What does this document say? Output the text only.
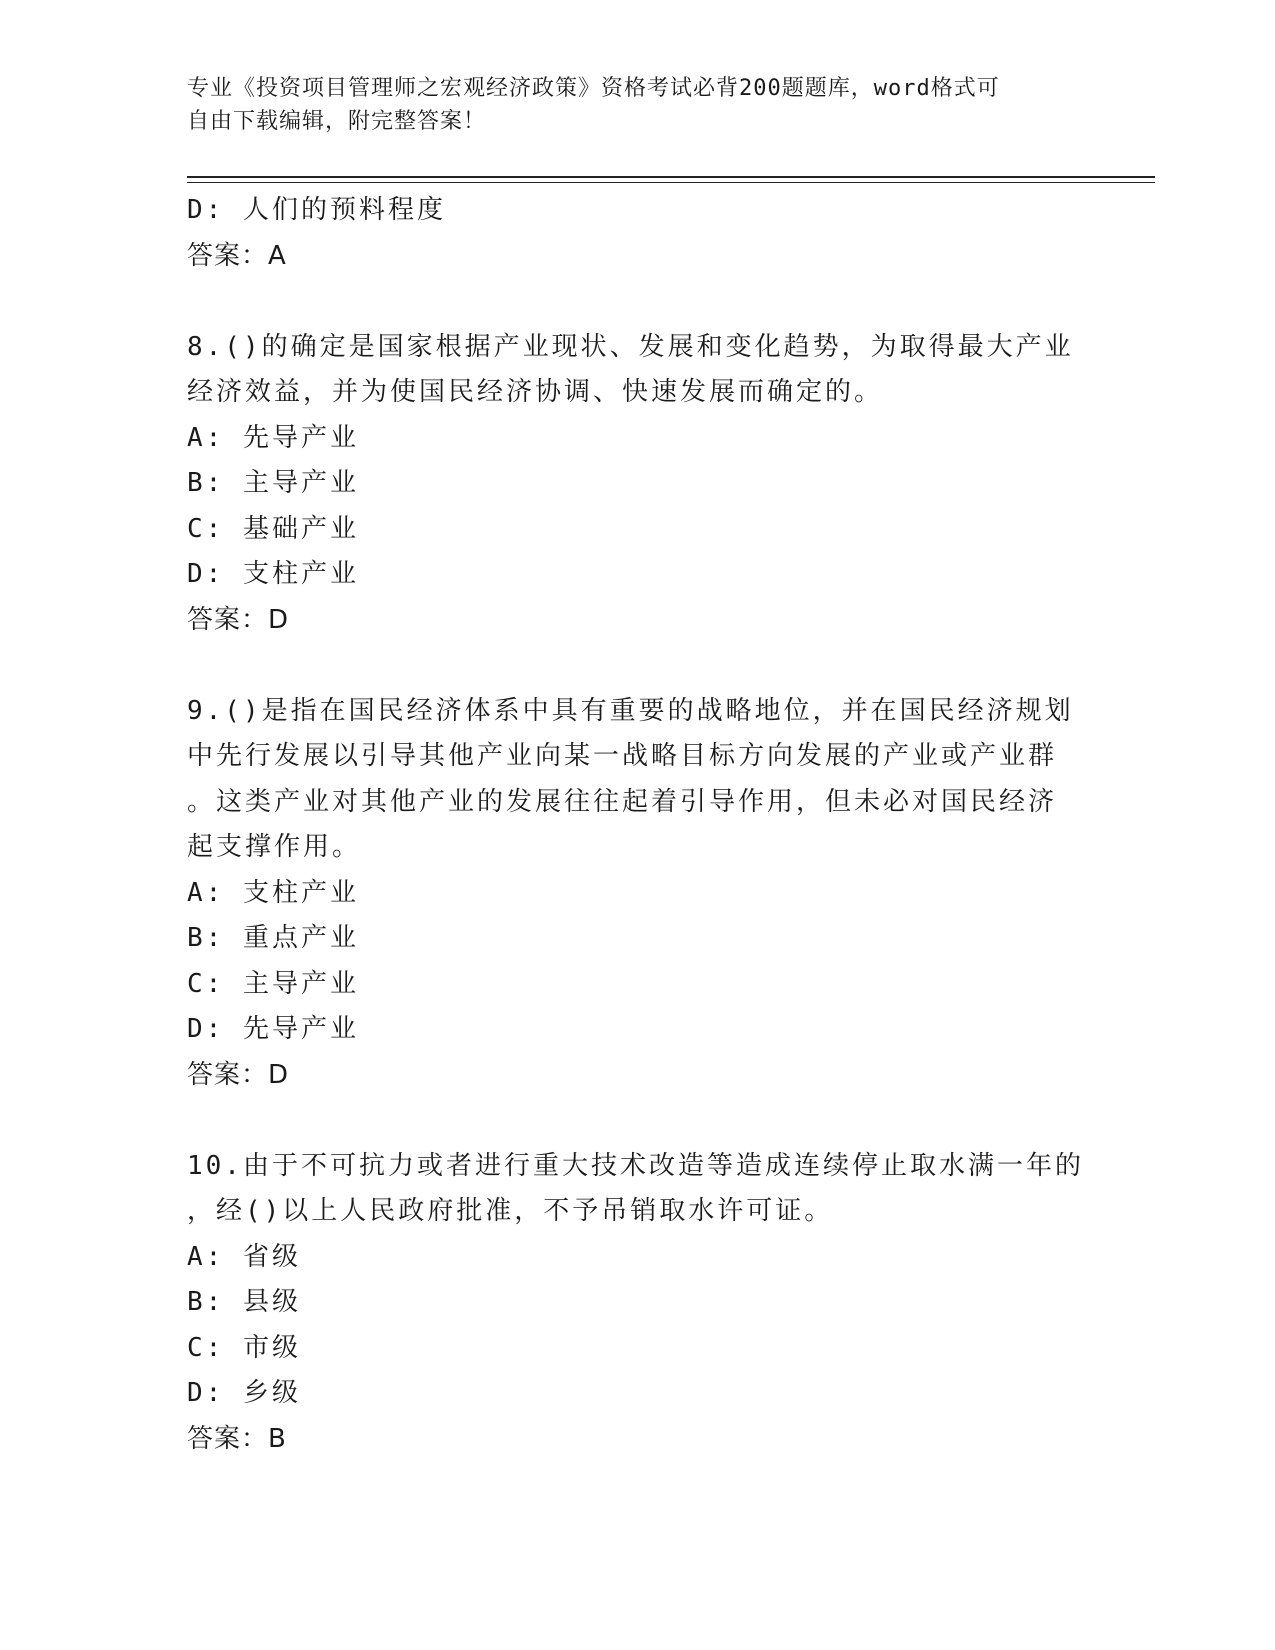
专业《投资项目管理师之宏观经济政策》资格考试必背200题题库，word格式可
自由下载编辑，附完整答案！
D: 人们的预料程度
答案：A
8.()的确定是国家根据产业现状、发展和变化趋势，为取得最大产业
经济效益，并为使国民经济协调、快速发展而确定的。
A: 先导产业
B: 主导产业
C: 基础产业
D: 支柱产业
答案：D
9.()是指在国民经济体系中具有重要的战略地位，并在国民经济规划
中先行发展以引导其他产业向某一战略目标方向发展的产业或产业群
。这类产业对其他产业的发展往往起着引导作用，但未必对国民经济
起支撑作用。
A: 支柱产业
B: 重点产业
C: 主导产业
D: 先导产业
答案：D
10.由于不可抗力或者进行重大技术改造等造成连续停止取水满一年的
，经()以上人民政府批准，不予吊销取水许可证。
A: 省级
B: 县级
C: 市级
D: 乡级
答案：B
